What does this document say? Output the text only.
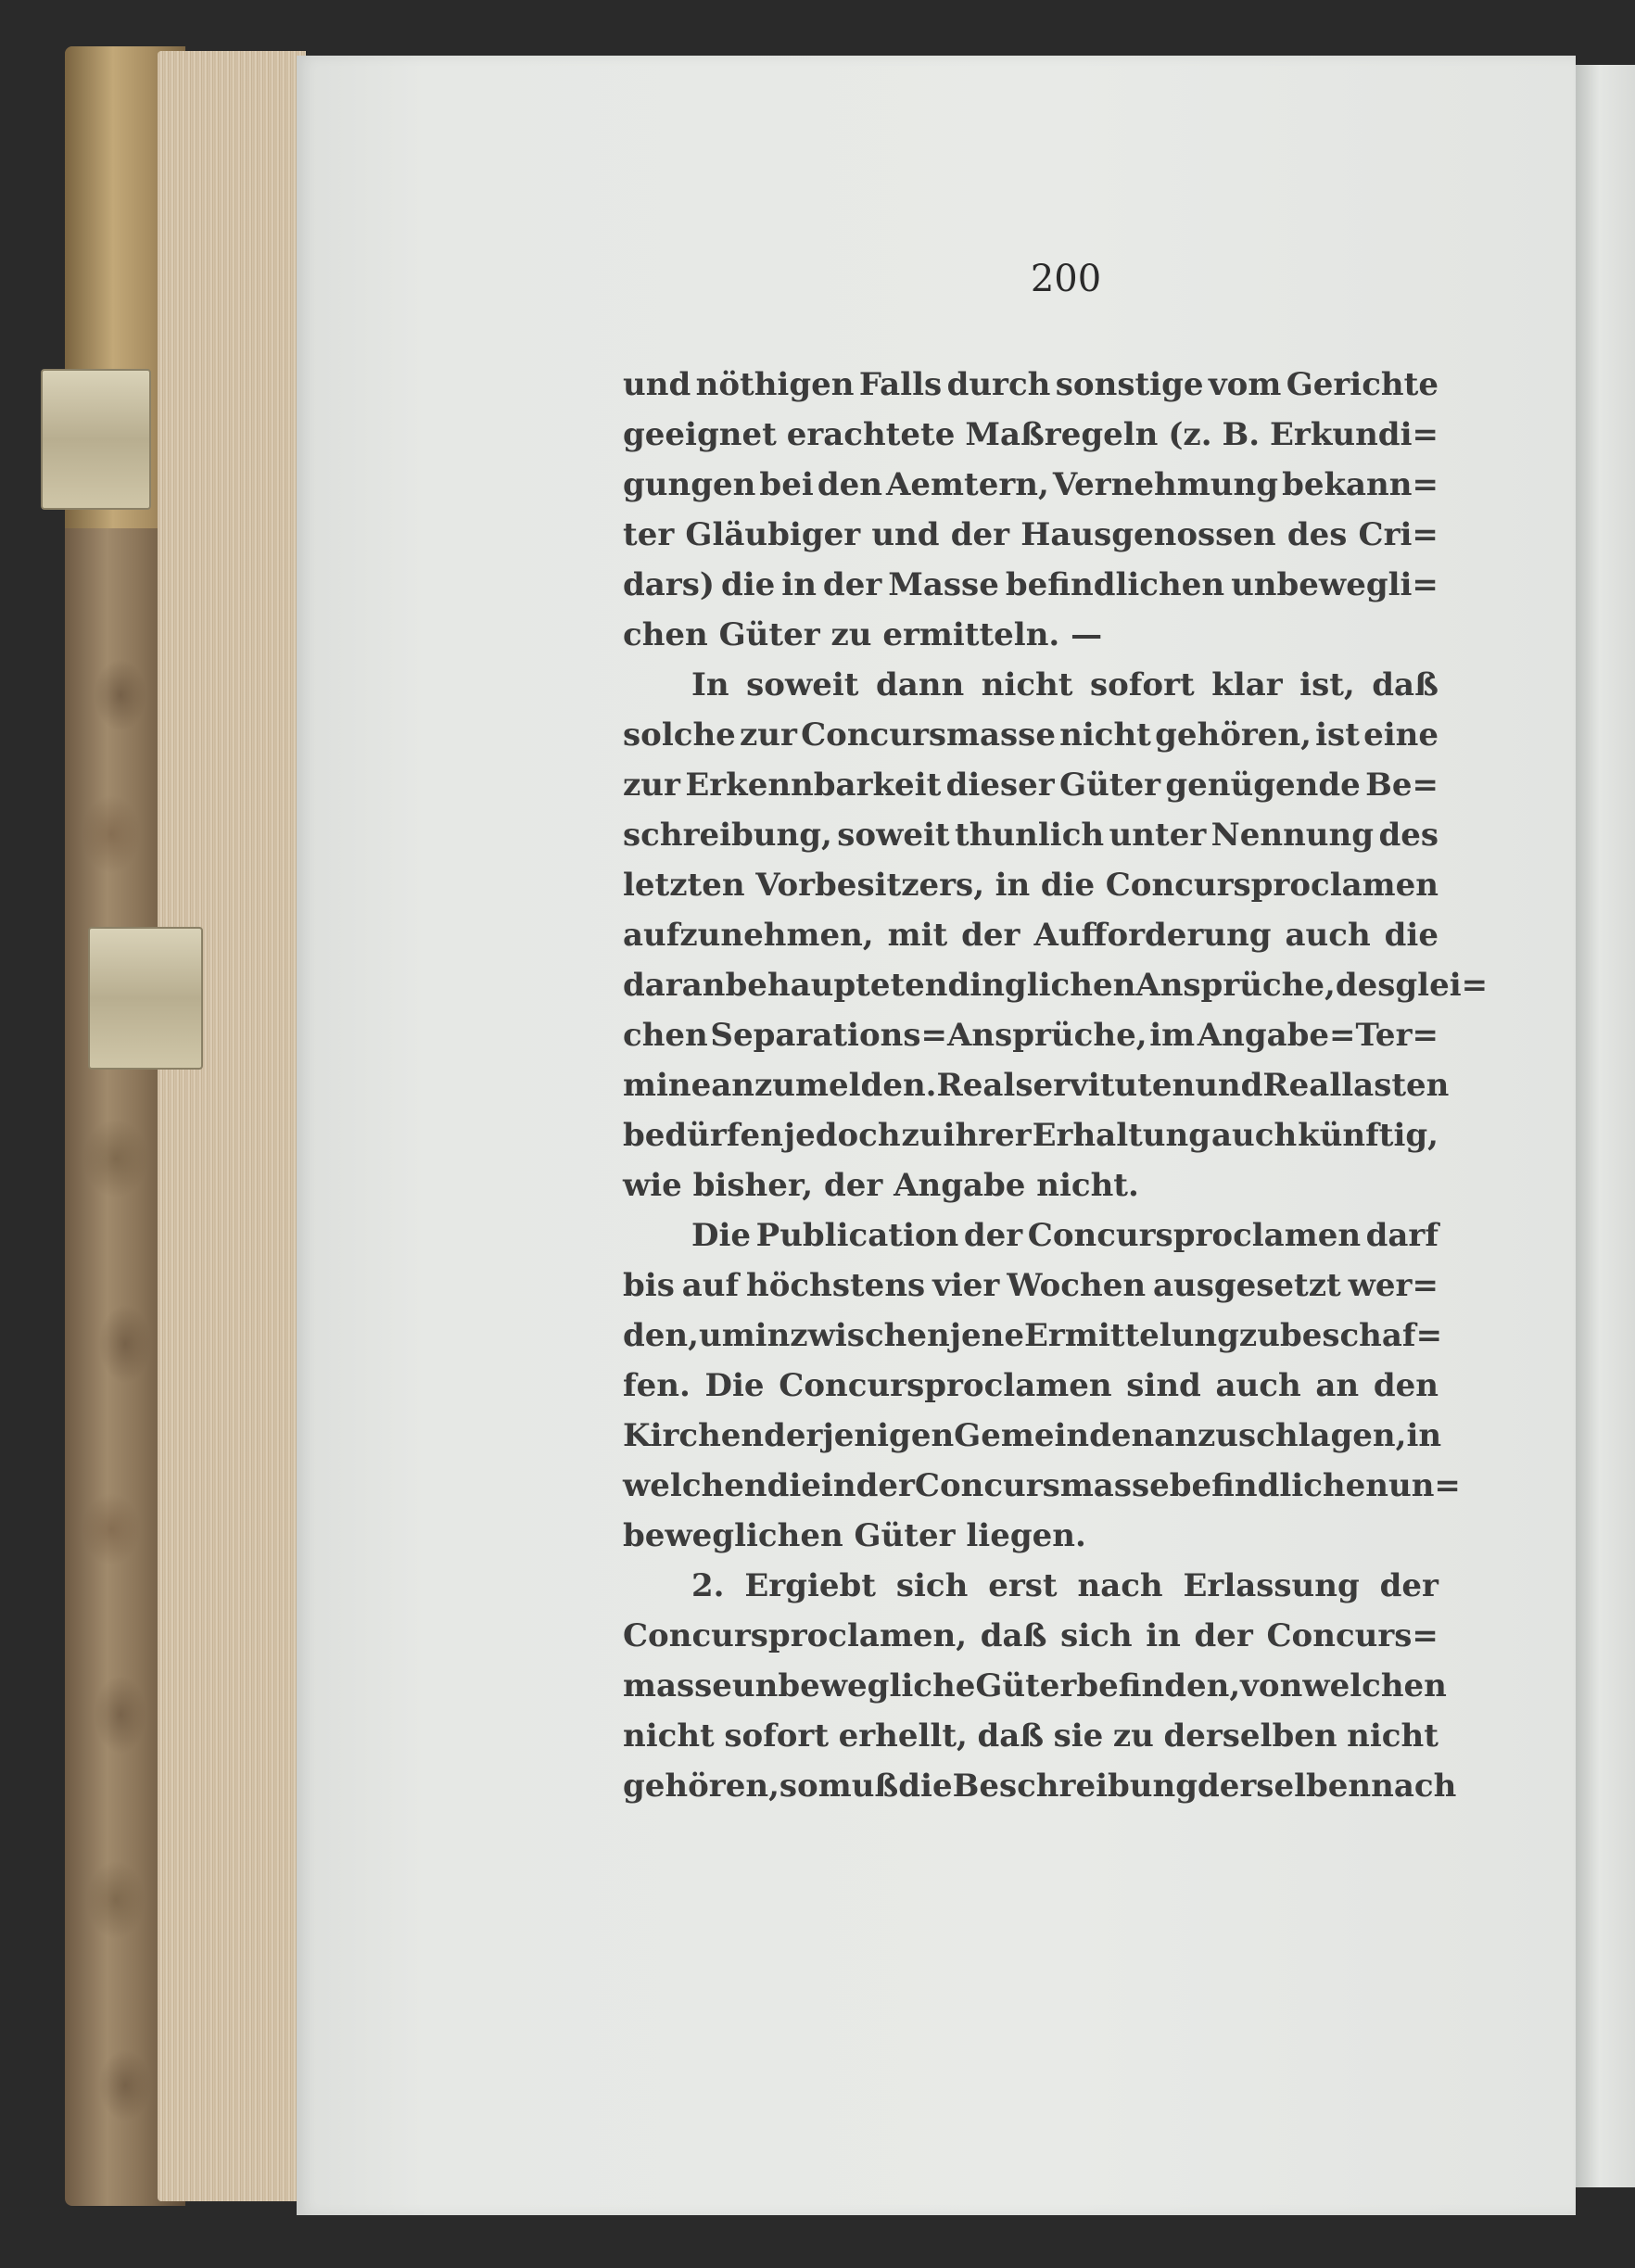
200
und nöthigen Falls durch sonstige vom Gerichte
geeignet erachtete Maßregeln (z. B. Erkundi=
gungen bei den Aemtern, Vernehmung bekann=
ter Gläubiger und der Hausgenossen des Cri=
dars) die in der Masse befindlichen unbewegli=
chen Güter zu ermitteln. —
In soweit dann nicht sofort klar ist, daß
solche zur Concursmasse nicht gehören, ist eine
zur Erkennbarkeit dieser Güter genügende Be=
schreibung, soweit thunlich unter Nennung des
letzten Vorbesitzers, in die Concursproclamen
aufzunehmen, mit der Aufforderung auch die
daran behaupteten dinglichen Ansprüche, desglei=
chen Separations=Ansprüche, im Angabe=Ter=
mine anzumelden. Realservituten und Reallasten
bedürfen jedoch zu ihrer Erhaltung auch künftig,
wie bisher, der Angabe nicht.
Die Publication der Concursproclamen darf
bis auf höchstens vier Wochen ausgesetzt wer=
den, um inzwischen jene Ermittelung zu beschaf=
fen. Die Concursproclamen sind auch an den
Kirchen derjenigen Gemeinden anzuschlagen, in
welchen die in der Concursmasse befindlichen un=
beweglichen Güter liegen.
2. Ergiebt sich erst nach Erlassung der
Concursproclamen, daß sich in der Concurs=
masse unbewegliche Güter befinden, von welchen
nicht sofort erhellt, daß sie zu derselben nicht
gehören, so muß die Beschreibung derselben nach
